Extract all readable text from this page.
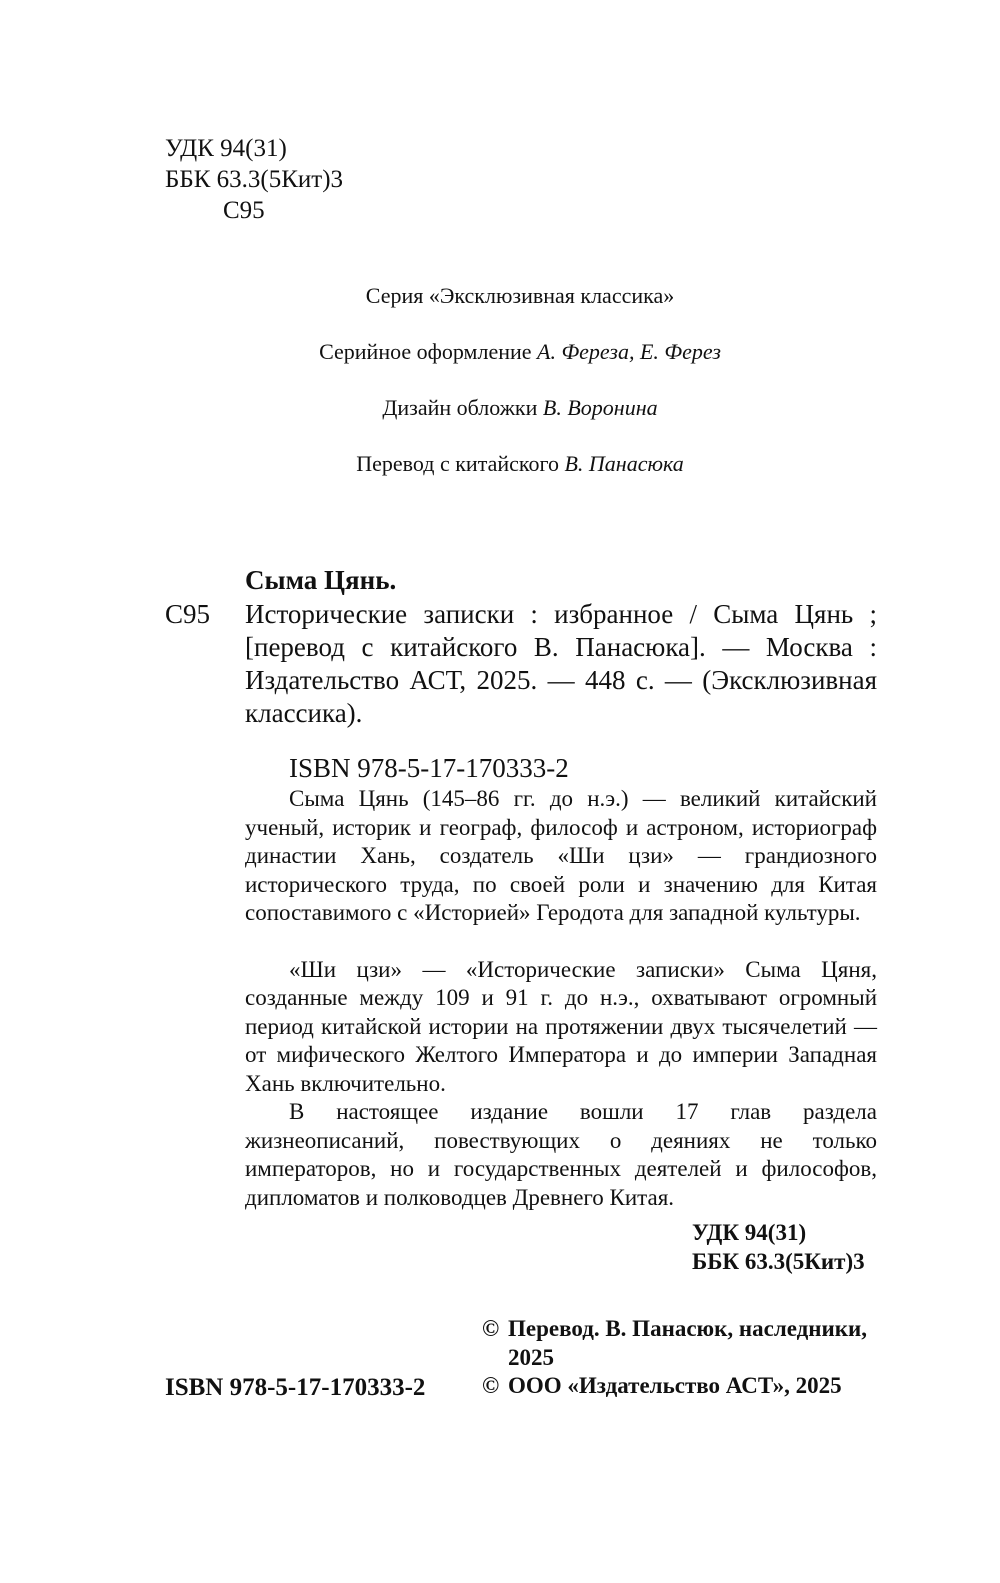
УДК 94(31)
ББК 63.3(5Кит)3
С95
Серия «Эксклюзивная классика»
Серийное оформление А. Фереза, Е. Ферез
Дизайн обложки В. Воронина
Перевод с китайского В. Панасюка
Сыма Цянь.
С95 Исторические записки : избранное / Сыма Цянь ; [перевод с китайского В. Панасюка]. — Москва : Издательство АСТ, 2025. — 448 с. — (Эксклюзивная классика).
ISBN 978-5-17-170333-2

Сыма Цянь (145–86 гг. до н.э.) — великий китайский ученый, историк и географ, философ и астроном, историограф династии Хань, создатель «Ши цзи» — грандиозного исторического труда, по своей роли и значению для Китая сопоставимого с «Историей» Геродота для западной культуры.

«Ши цзи» — «Исторические записки» Сыма Цяня, созданные между 109 и 91 г. до н.э., охватывают огромный период китайской истории на протяжении двух тысячелетий — от мифического Желтого Императора и до империи Западная Хань включительно.

В настоящее издание вошли 17 глав раздела жизнеописаний, повествующих о деяниях не только императоров, но и государственных деятелей и философов, дипломатов и полководцев Древнего Китая.

УДК 94(31)
ББК 63.3(5Кит)3
ISBN 978-5-17-170333-2
© Перевод. В. Панасюк, наследники, 2025
© ООО «Издательство АСТ», 2025
